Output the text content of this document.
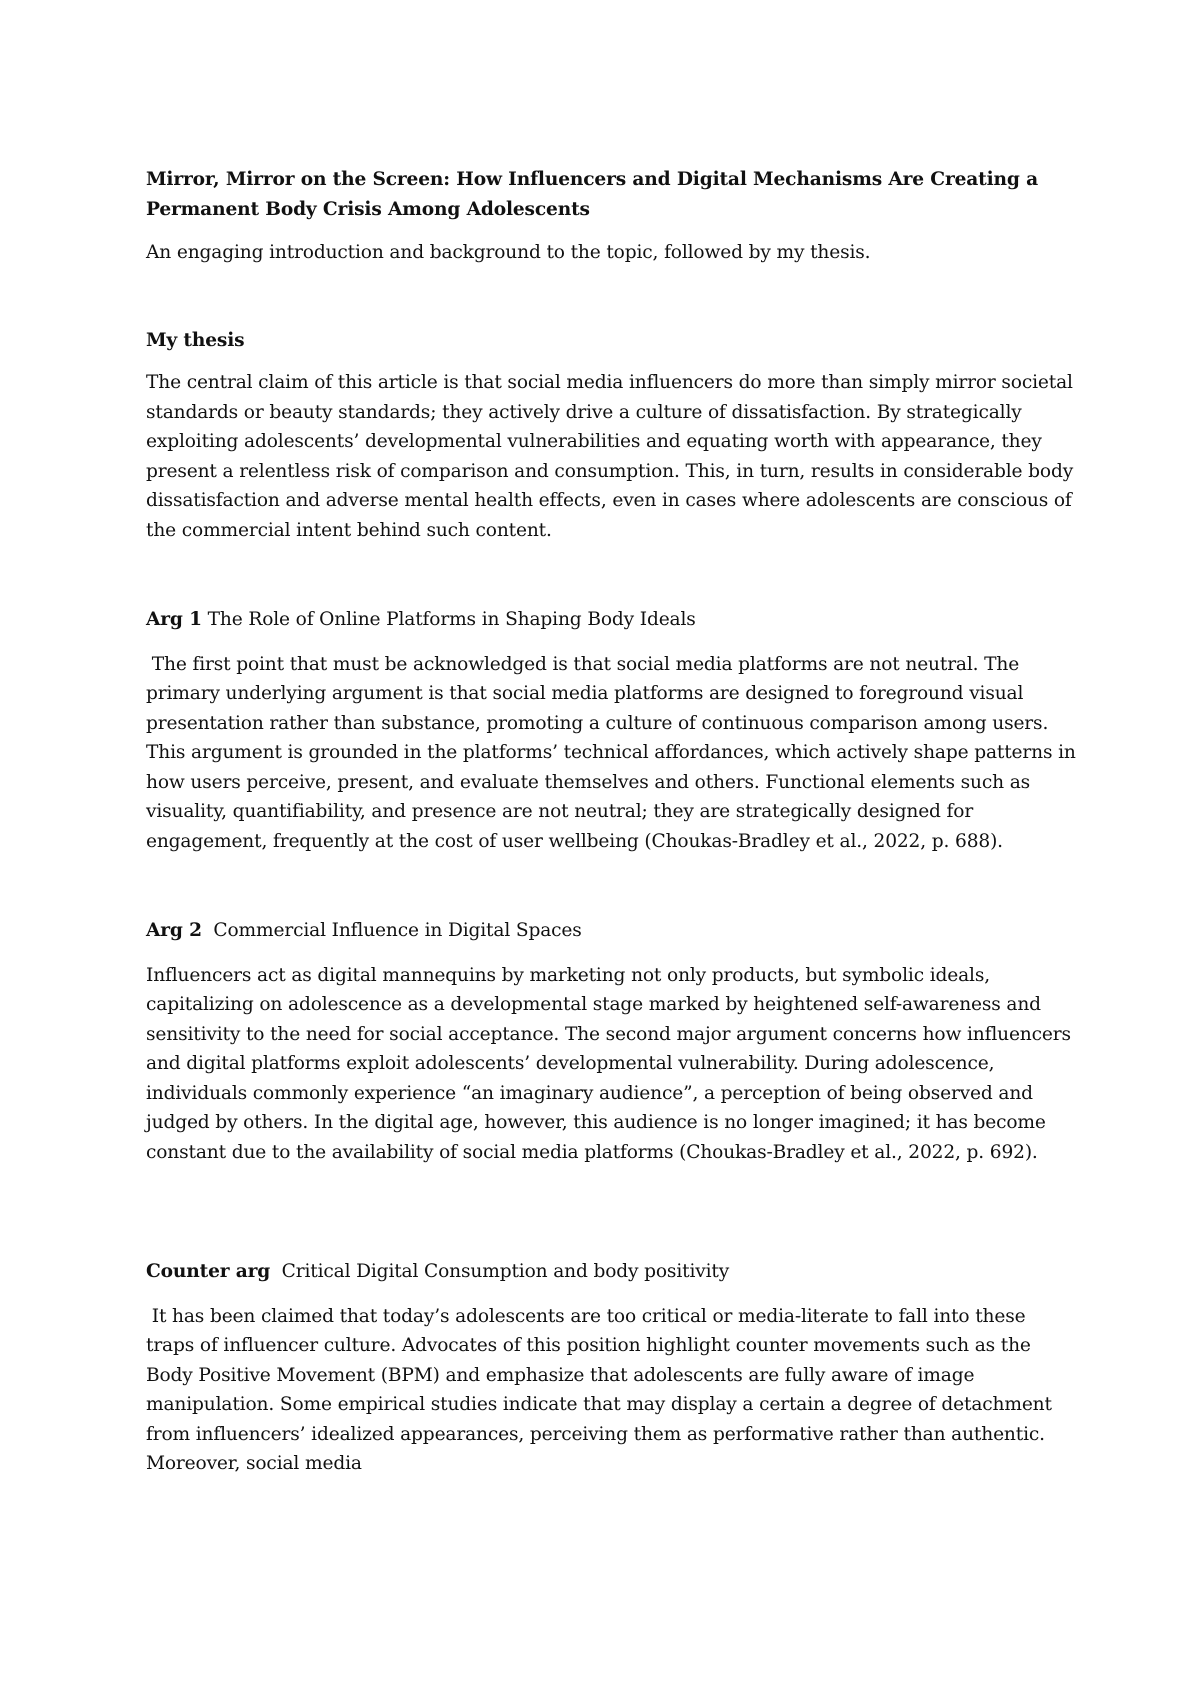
Mirror, Mirror on the Screen: How Influencers and Digital Mechanisms Are Creating a Permanent Body Crisis Among Adolescents

An engaging introduction and background to the topic, followed by my thesis.

My thesis

The central claim of this article is that social media influencers do more than simply mirror societal standards or beauty standards; they actively drive a culture of dissatisfaction. By strategically exploiting adolescents’ developmental vulnerabilities and equating worth with appearance, they present a relentless risk of comparison and consumption. This, in turn, results in considerable body dissatisfaction and adverse mental health effects, even in cases where adolescents are conscious of the commercial intent behind such content.

Arg 1 The Role of Online Platforms in Shaping Body Ideals

The first point that must be acknowledged is that social media platforms are not neutral. The primary underlying argument is that social media platforms are designed to foreground visual presentation rather than substance, promoting a culture of continuous comparison among users. This argument is grounded in the platforms’ technical affordances, which actively shape patterns in how users perceive, present, and evaluate themselves and others. Functional elements such as visuality, quantifiability, and presence are not neutral; they are strategically designed for engagement, frequently at the cost of user wellbeing (Choukas-Bradley et al., 2022, p. 688).

Arg 2  Commercial Influence in Digital Spaces

Influencers act as digital mannequins by marketing not only products, but symbolic ideals, capitalizing on adolescence as a developmental stage marked by heightened self-awareness and sensitivity to the need for social acceptance. The second major argument concerns how influencers and digital platforms exploit adolescents’ developmental vulnerability. During adolescence, individuals commonly experience “an imaginary audience”, a perception of being observed and judged by others. In the digital age, however, this audience is no longer imagined; it has become constant due to the availability of social media platforms (Choukas-Bradley et al., 2022, p. 692).

Counter arg  Critical Digital Consumption and body positivity

It has been claimed that today’s adolescents are too critical or media-literate to fall into these traps of influencer culture. Advocates of this position highlight counter movements such as the Body Positive Movement (BPM) and emphasize that adolescents are fully aware of image manipulation. Some empirical studies indicate that may display a certain a degree of detachment from influencers’ idealized appearances, perceiving them as performative rather than authentic. Moreover, social media
